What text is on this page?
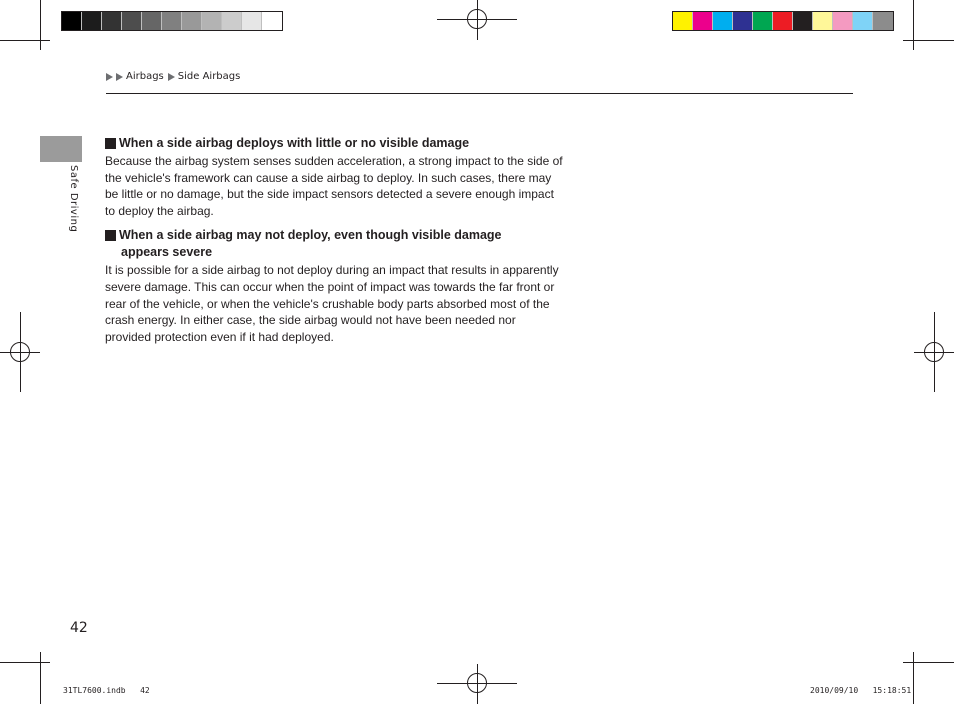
Airbags Side Airbags
Safe Driving
When a side airbag deploys with little or no visible damage

Because the airbag system senses sudden acceleration, a strong impact to the side of the vehicle's framework can cause a side airbag to deploy. In such cases, there may be little or no damage, but the side impact sensors detected a severe enough impact to deploy the airbag.

When a side airbag may not deploy, even though visible damage
appears severe

It is possible for a side airbag to not deploy during an impact that results in apparently severe damage. This can occur when the point of impact was towards the far front or rear of the vehicle, or when the vehicle's crushable body parts absorbed most of the crash energy. In either case, the side airbag would not have been needed nor provided protection even if it had deployed.

42
31TL7600.indb   42	2010/09/10   15:18:51
